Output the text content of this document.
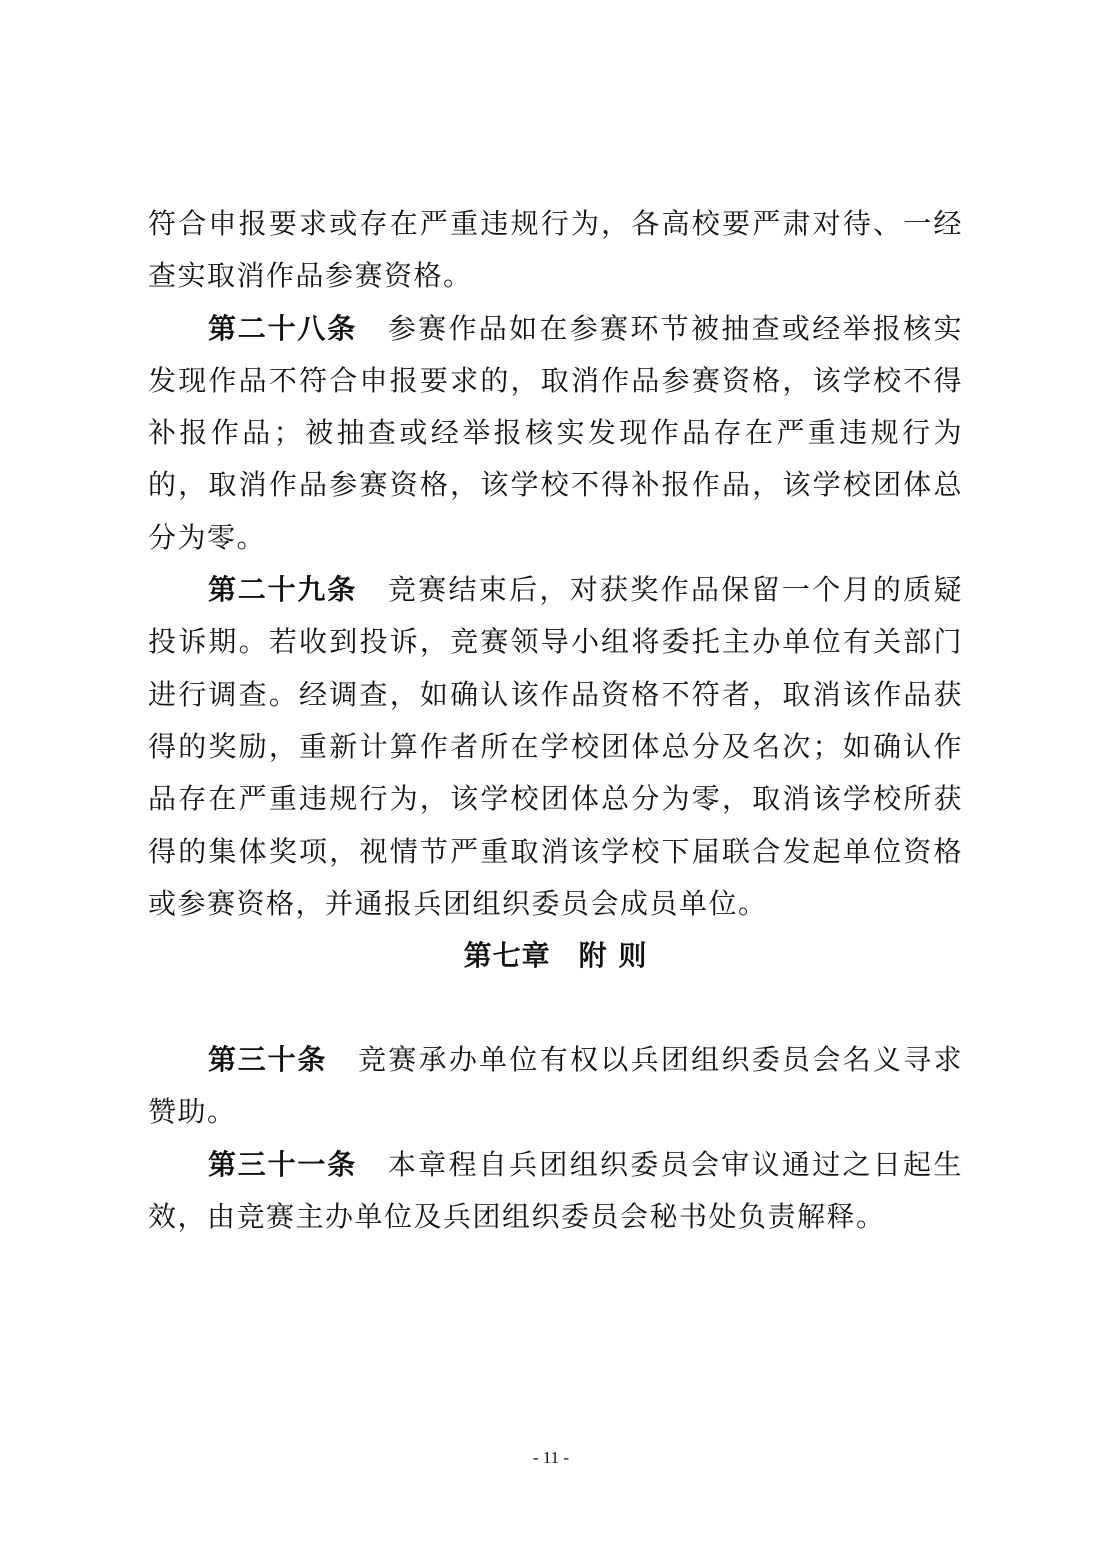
符合申报要求或存在严重违规行为，各高校要严肃对待、一经查实取消作品参赛资格。

第二十八条 参赛作品如在参赛环节被抽查或经举报核实发现作品不符合申报要求的，取消作品参赛资格，该学校不得补报作品；被抽查或经举报核实发现作品存在严重违规行为的，取消作品参赛资格，该学校不得补报作品，该学校团体总分为零。

第二十九条 竞赛结束后，对获奖作品保留一个月的质疑投诉期。若收到投诉，竞赛领导小组将委托主办单位有关部门进行调查。经调查，如确认该作品资格不符者，取消该作品获得的奖励，重新计算作者所在学校团体总分及名次；如确认作品存在严重违规行为，该学校团体总分为零，取消该学校所获得的集体奖项，视情节严重取消该学校下届联合发起单位资格或参赛资格，并通报兵团组织委员会成员单位。

第七章 附 则

第三十条 竞赛承办单位有权以兵团组织委员会名义寻求赞助。

第三十一条 本章程自兵团组织委员会审议通过之日起生效，由竞赛主办单位及兵团组织委员会秘书处负责解释。

- 11 -
